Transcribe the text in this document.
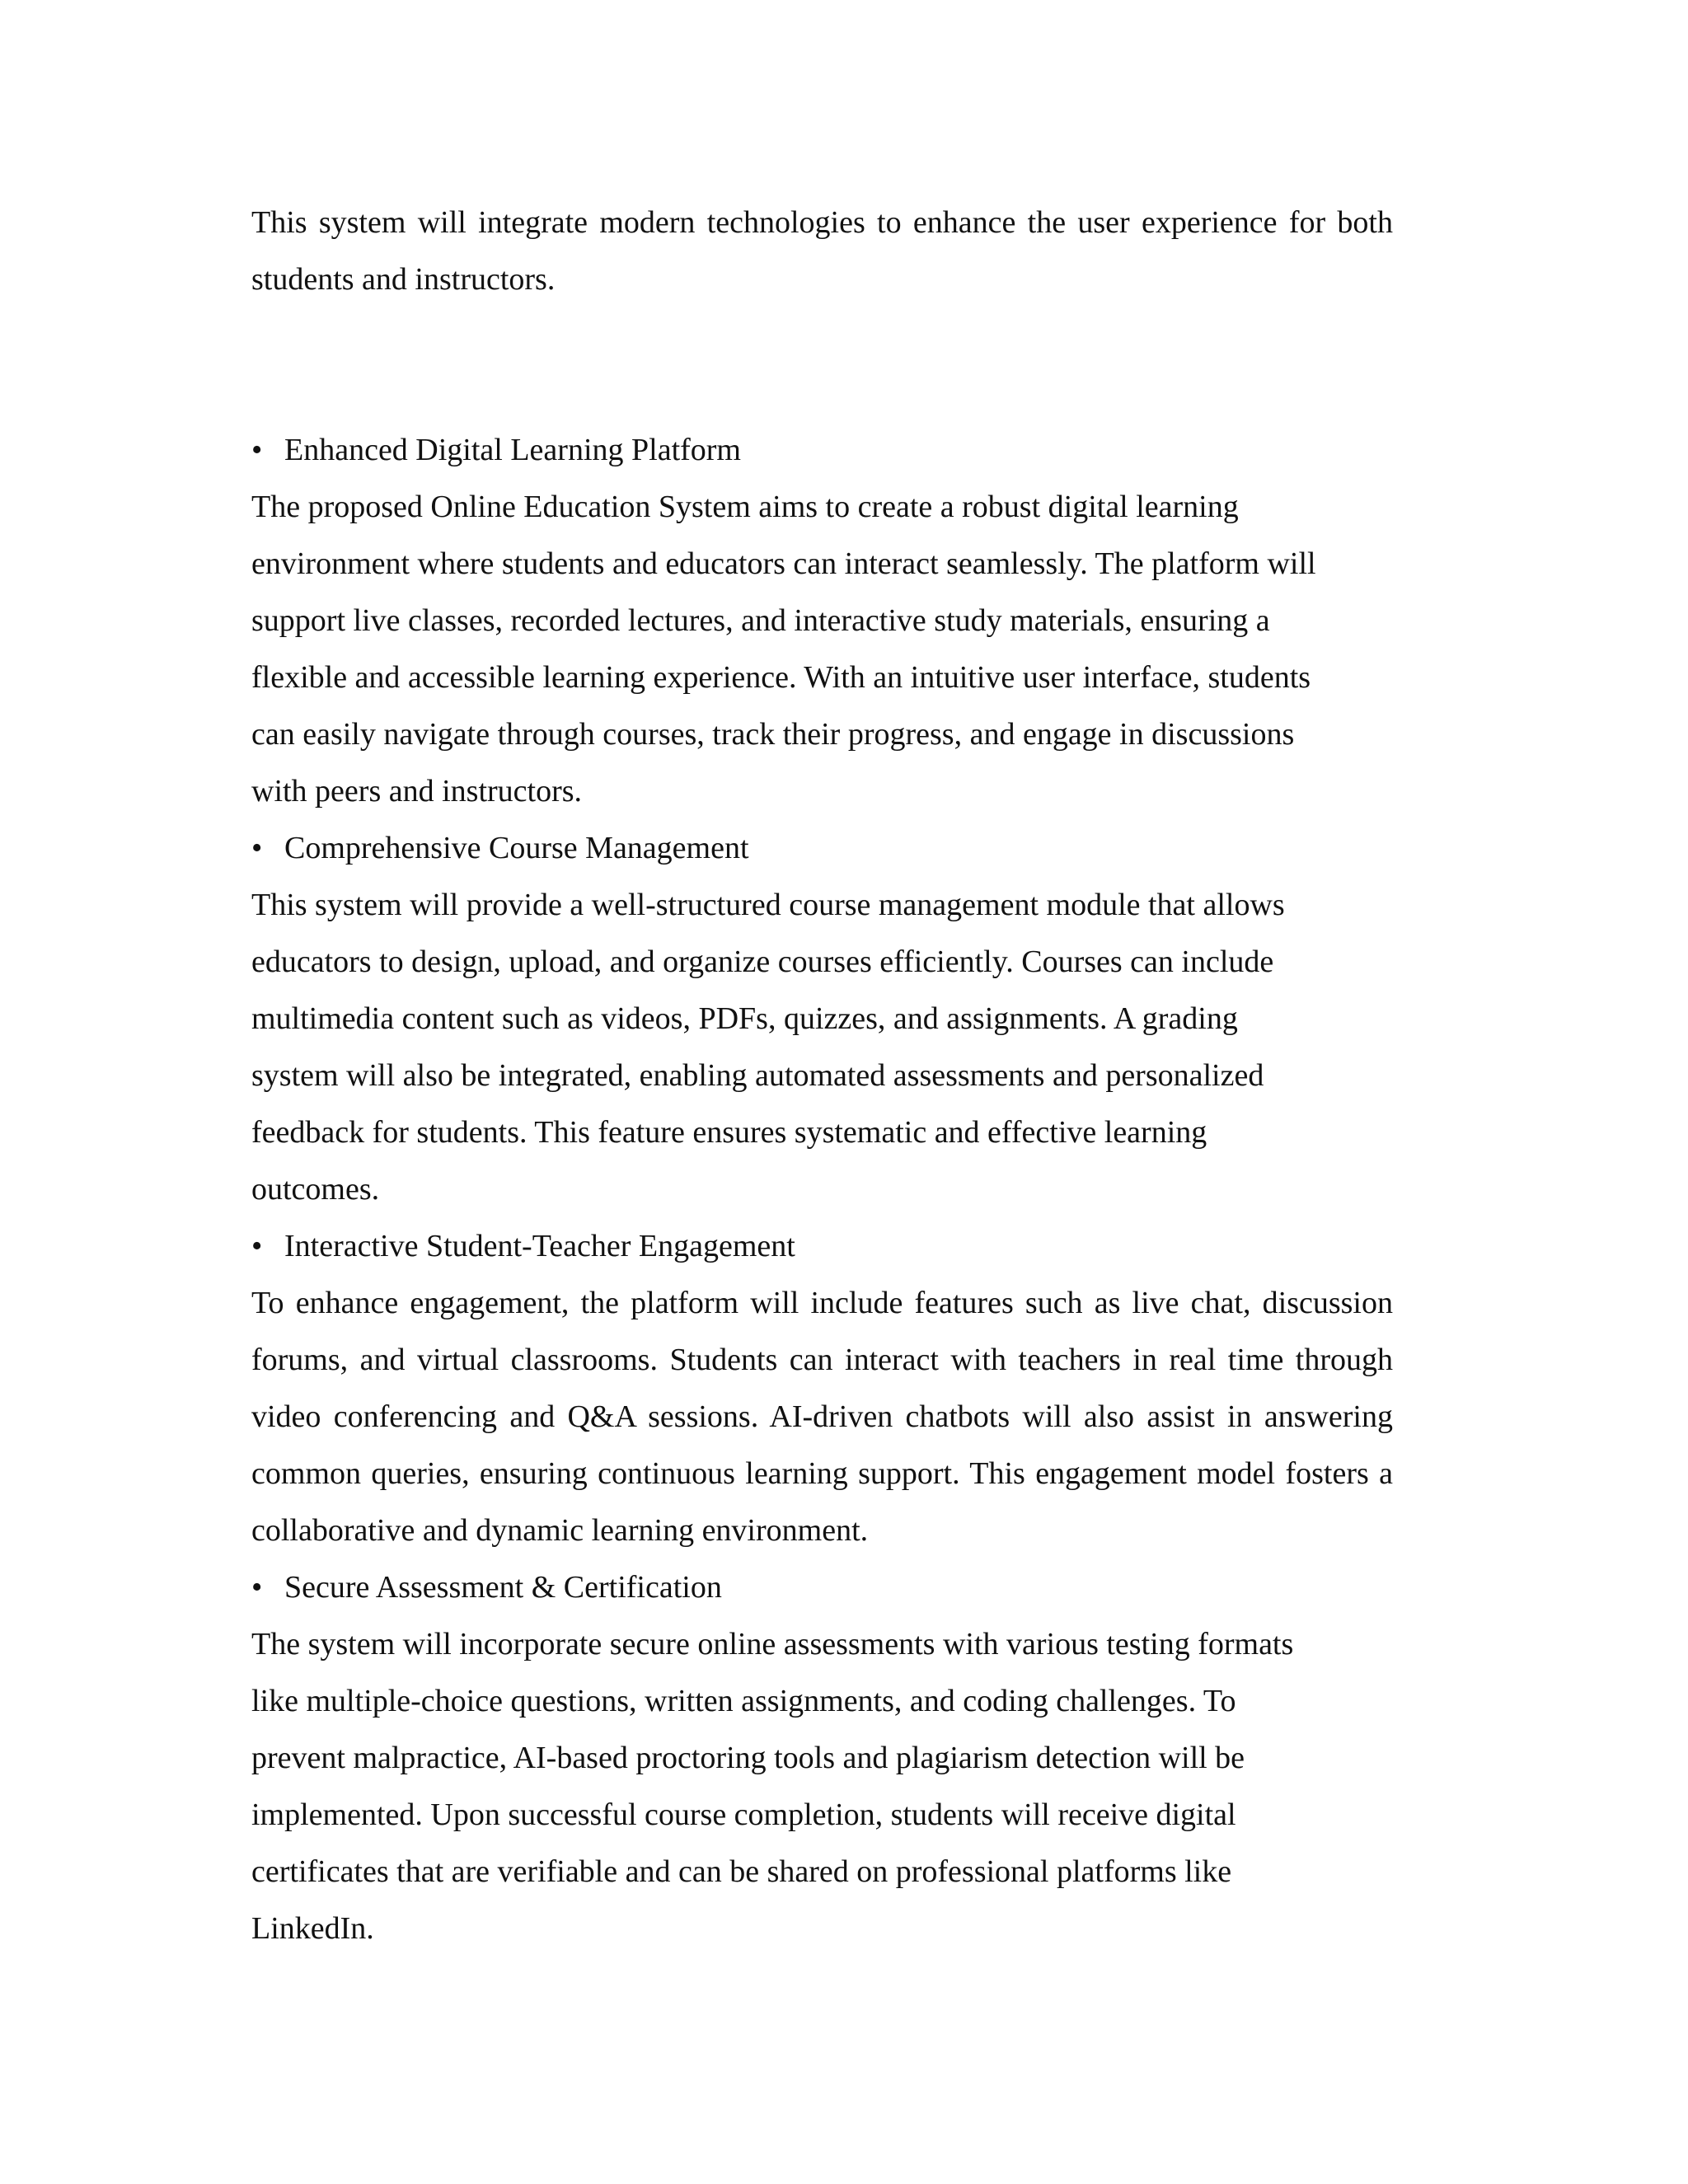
This system will integrate modern technologies to enhance the user experience for both students and instructors.

• Enhanced Digital Learning Platform
The proposed Online Education System aims to create a robust digital learning
environment where students and educators can interact seamlessly. The platform will
support live classes, recorded lectures, and interactive study materials, ensuring a
flexible and accessible learning experience. With an intuitive user interface, students
can easily navigate through courses, track their progress, and engage in discussions
with peers and instructors.
• Comprehensive Course Management
This system will provide a well-structured course management module that allows
educators to design, upload, and organize courses efficiently. Courses can include
multimedia content such as videos, PDFs, quizzes, and assignments. A grading
system will also be integrated, enabling automated assessments and personalized
feedback for students. This feature ensures systematic and effective learning
outcomes.
• Interactive Student-Teacher Engagement

To enhance engagement, the platform will include features such as live chat, discussion forums, and virtual classrooms. Students can interact with teachers in real time through video conferencing and Q&A sessions. AI-driven chatbots will also assist in answering common queries, ensuring continuous learning support. This engagement model fosters a collaborative and dynamic learning environment.

• Secure Assessment & Certification
The system will incorporate secure online assessments with various testing formats
like multiple-choice questions, written assignments, and coding challenges. To
prevent malpractice, AI-based proctoring tools and plagiarism detection will be
implemented. Upon successful course completion, students will receive digital
certificates that are verifiable and can be shared on professional platforms like
LinkedIn.
